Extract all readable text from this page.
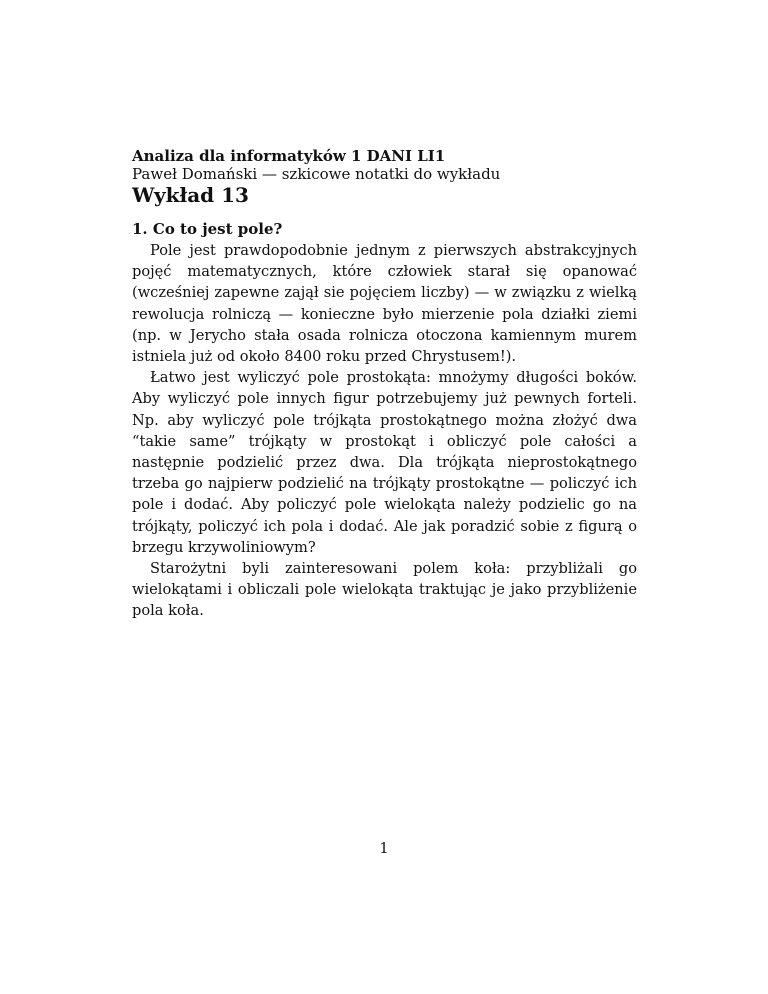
Analiza dla informatyków 1 DANI LI1

Paweł Domański — szkicowe notatki do wykładu

Wykład 13
1. Co to jest pole?

Pole jest prawdopodobnie jednym z pierwszych abstrakcyjnych pojęć matematycznych, które człowiek starał się opanować (wcześniej zapewne zajął sie pojęciem liczby) — w związku z wielką rewolucja rolniczą — konieczne było mierzenie pola działki ziemi (np. w Jerycho stała osada rolnicza otoczona kamiennym murem istniela już od około 8400 roku przed Chrystusem!).

Łatwo jest wyliczyć pole prostokąta: mnożymy długości boków. Aby wyliczyć pole innych figur potrzebujemy już pewnych forteli. Np. aby wyliczyć pole trójkąta prostokątnego można złożyć dwa “takie same” trójkąty w prostokąt i obliczyć pole całości a następnie podzielić przez dwa. Dla trójkąta nieprostokątnego trzeba go najpierw podzielić na trójkąty prostokątne — policzyć ich pole i dodać. Aby policzyć pole wielokąta należy podzielic go na trójkąty, policzyć ich pola i dodać. Ale jak poradzić sobie z figurą o brzegu krzywoliniowym?

Starożytni byli zainteresowani polem koła: przybliżali go wielokątami i obliczali pole wielokąta traktując je jako przybliżenie pola koła.

1
